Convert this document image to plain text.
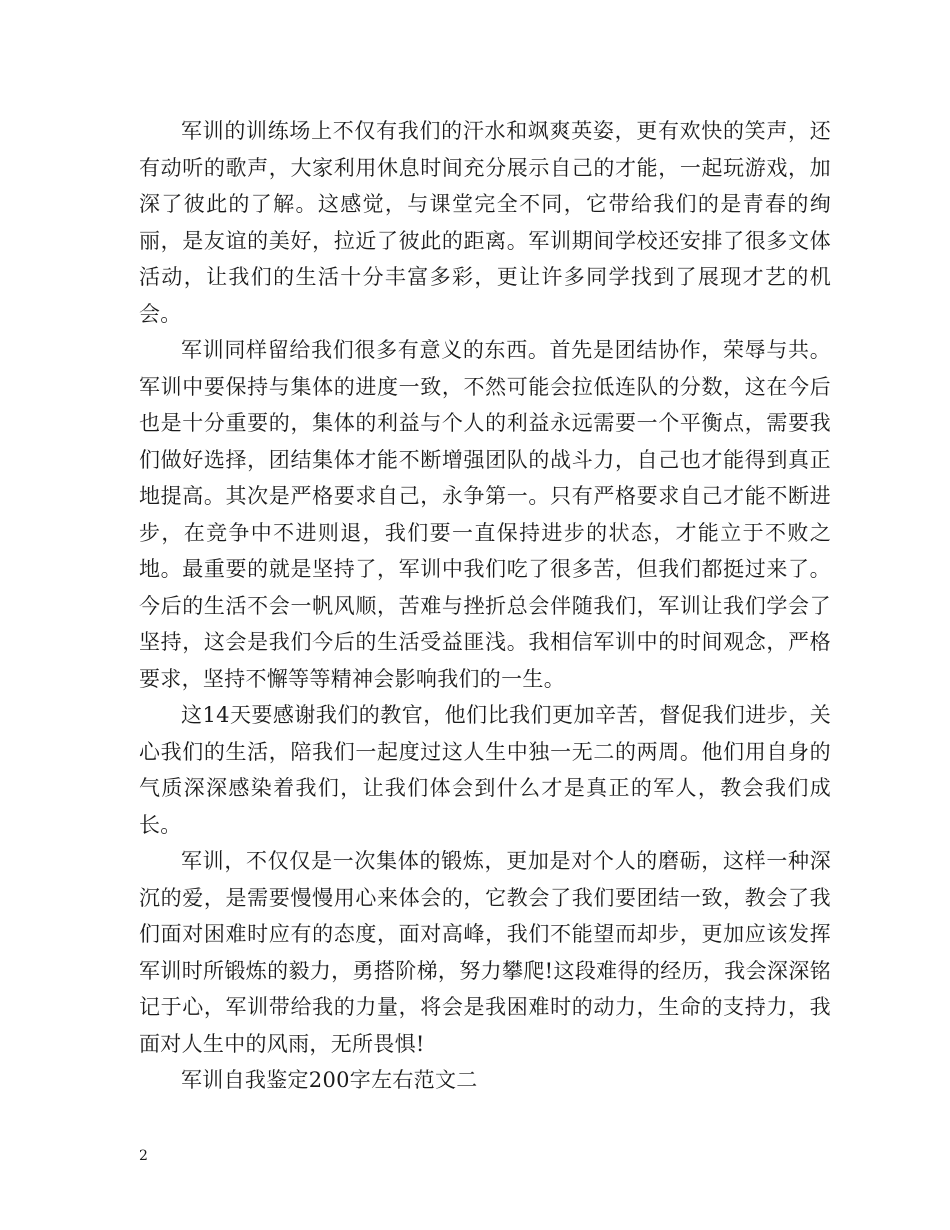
军训的训练场上不仅有我们的汗水和飒爽英姿，更有欢快的笑声，还有动听的歌声，大家利用休息时间充分展示自己的才能，一起玩游戏，加深了彼此的了解。这感觉，与课堂完全不同，它带给我们的是青春的绚丽，是友谊的美好，拉近了彼此的距离。军训期间学校还安排了很多文体活动，让我们的生活十分丰富多彩，更让许多同学找到了展现才艺的机会。

军训同样留给我们很多有意义的东西。首先是团结协作，荣辱与共。军训中要保持与集体的进度一致，不然可能会拉低连队的分数，这在今后也是十分重要的，集体的利益与个人的利益永远需要一个平衡点，需要我们做好选择，团结集体才能不断增强团队的战斗力，自己也才能得到真正地提高。其次是严格要求自己，永争第一。只有严格要求自己才能不断进步，在竞争中不进则退，我们要一直保持进步的状态，才能立于不败之地。最重要的就是坚持了，军训中我们吃了很多苦，但我们都挺过来了。今后的生活不会一帆风顺，苦难与挫折总会伴随我们，军训让我们学会了坚持，这会是我们今后的生活受益匪浅。我相信军训中的时间观念，严格要求，坚持不懈等等精神会影响我们的一生。

这14天要感谢我们的教官，他们比我们更加辛苦，督促我们进步，关心我们的生活，陪我们一起度过这人生中独一无二的两周。他们用自身的气质深深感染着我们，让我们体会到什么才是真正的军人，教会我们成长。

军训，不仅仅是一次集体的锻炼，更加是对个人的磨砺，这样一种深沉的爱，是需要慢慢用心来体会的，它教会了我们要团结一致，教会了我们面对困难时应有的态度，面对高峰，我们不能望而却步，更加应该发挥军训时所锻炼的毅力，勇搭阶梯，努力攀爬!这段难得的经历，我会深深铭记于心，军训带给我的力量，将会是我困难时的动力，生命的支持力，我面对人生中的风雨，无所畏惧!

军训自我鉴定200字左右范文二

2
